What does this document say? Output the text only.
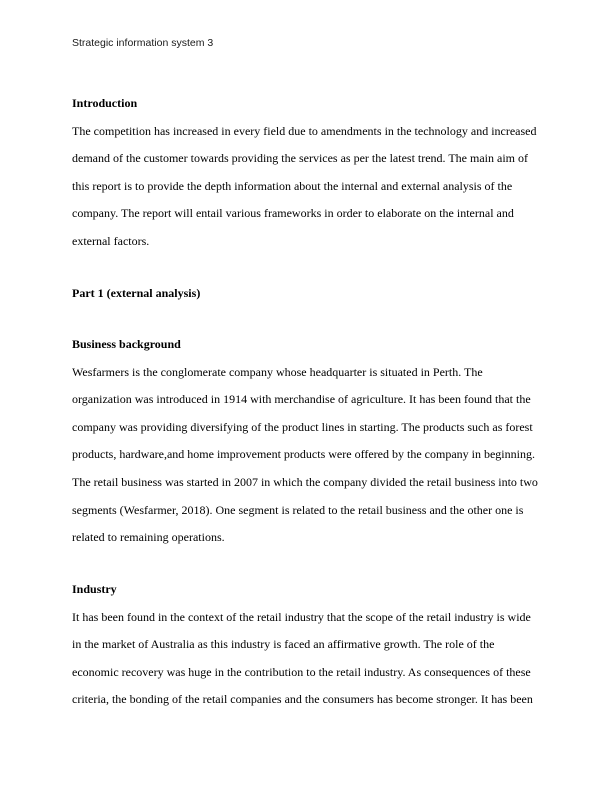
Strategic information system 3
Introduction
The competition has increased in every field due to amendments in the technology and increased
demand of the customer towards providing the services as per the latest trend. The main aim of
this report is to provide the depth information about the internal and external analysis of the
company. The report will entail various frameworks in order to elaborate on the internal and
external factors.
Part 1 (external analysis)
Business background
Wesfarmers is the conglomerate company whose headquarter is situated in Perth. The
organization was introduced in 1914 with merchandise of agriculture. It has been found that the
company was providing diversifying of the product lines in starting. The products such as forest
products, hardware,and home improvement products were offered by the company in beginning.
The retail business was started in 2007 in which the company divided the retail business into two
segments (Wesfarmer, 2018). One segment is related to the retail business and the other one is
related to remaining operations.
Industry
It has been found in the context of the retail industry that the scope of the retail industry is wide
in the market of Australia as this industry is faced an affirmative growth. The role of the
economic recovery was huge in the contribution to the retail industry. As consequences of these
criteria, the bonding of the retail companies and the consumers has become stronger. It has been
